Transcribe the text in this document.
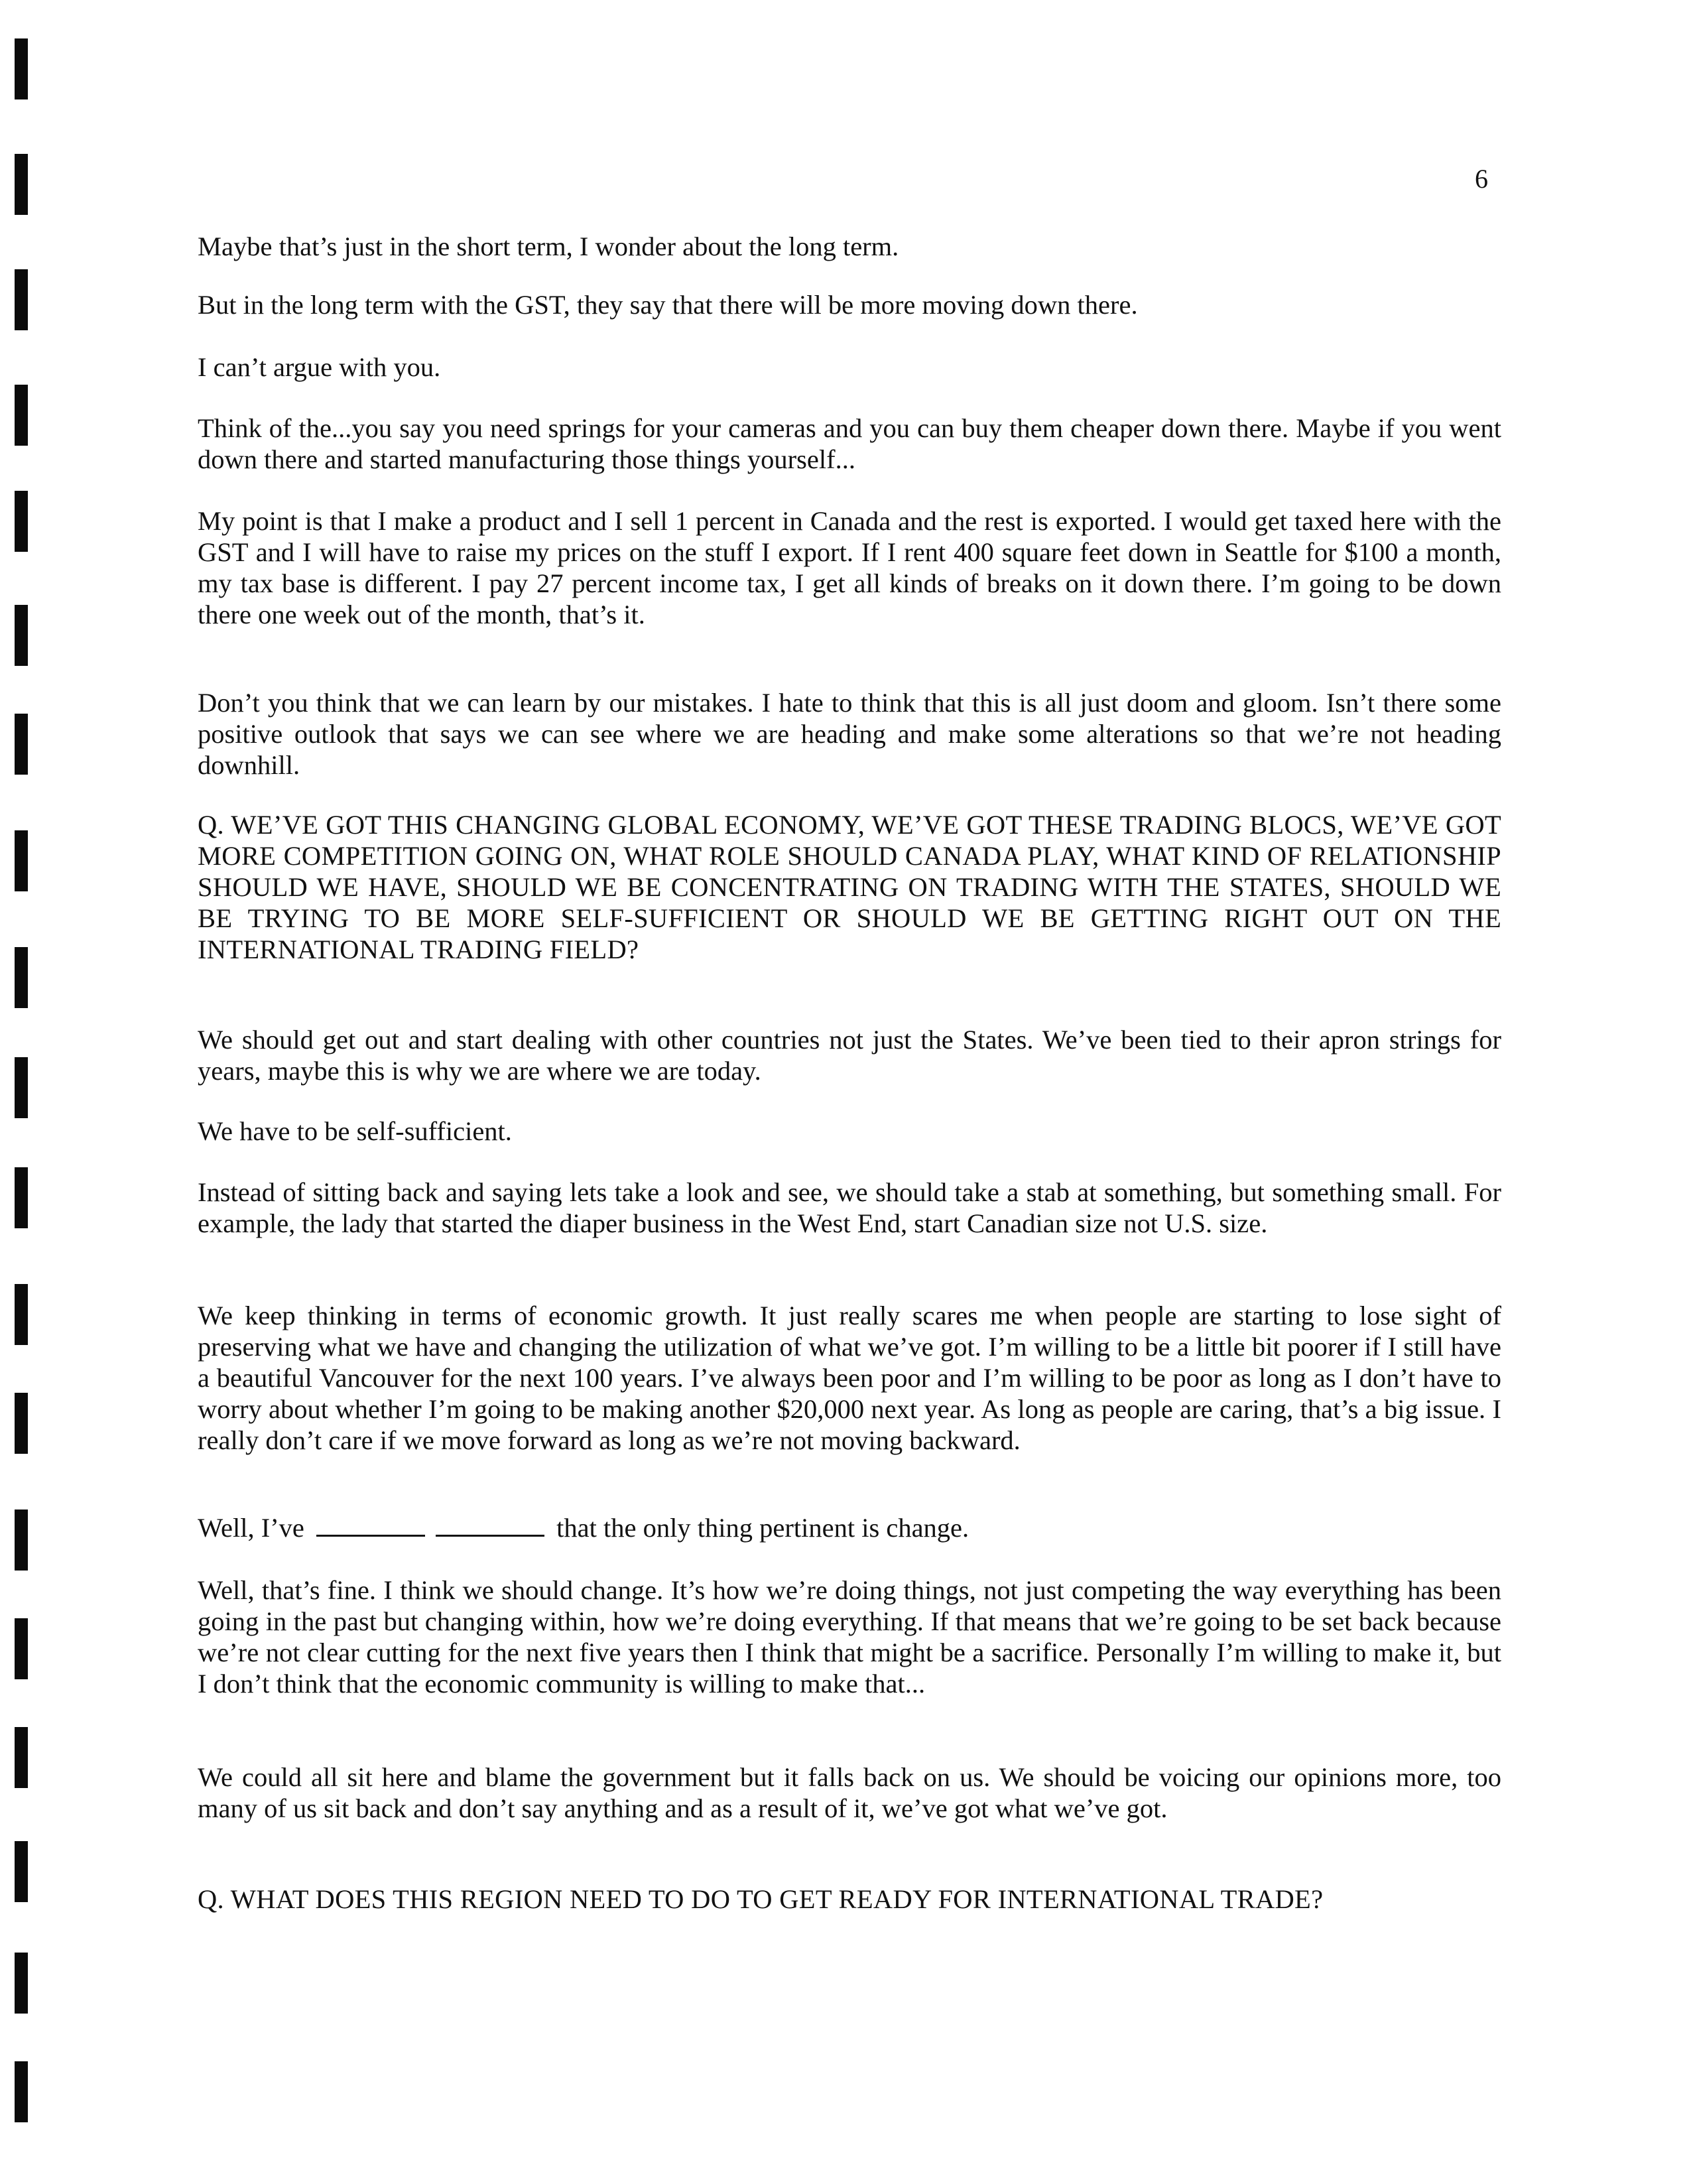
6

Maybe that’s just in the short term, I wonder about the long term.

But in the long term with the GST, they say that there will be more moving down there.

I can’t argue with you.

Think of the...you say you need springs for your cameras and you can buy them cheaper down there. Maybe if you went down there and started manufacturing those things yourself...

My point is that I make a product and I sell 1 percent in Canada and the rest is exported. I would get taxed here with the GST and I will have to raise my prices on the stuff I export. If I rent 400 square feet down in Seattle for $100 a month, my tax base is different. I pay 27 percent income tax, I get all kinds of breaks on it down there. I’m going to be down there one week out of the month, that’s it.

Don’t you think that we can learn by our mistakes. I hate to think that this is all just doom and gloom. Isn’t there some positive outlook that says we can see where we are heading and make some alterations so that we’re not heading downhill.

Q. WE’VE GOT THIS CHANGING GLOBAL ECONOMY, WE’VE GOT THESE TRADING BLOCS, WE’VE GOT MORE COMPETITION GOING ON, WHAT ROLE SHOULD CANADA PLAY, WHAT KIND OF RELATIONSHIP SHOULD WE HAVE, SHOULD WE BE CONCENTRATING ON TRADING WITH THE STATES, SHOULD WE BE TRYING TO BE MORE SELF-SUFFICIENT OR SHOULD WE BE GETTING RIGHT OUT ON THE INTERNATIONAL TRADING FIELD?

We should get out and start dealing with other countries not just the States. We’ve been tied to their apron strings for years, maybe this is why we are where we are today.

We have to be self-sufficient.

Instead of sitting back and saying lets take a look and see, we should take a stab at something, but something small. For example, the lady that started the diaper business in the West End, start Canadian size not U.S. size.

We keep thinking in terms of economic growth. It just really scares me when people are starting to lose sight of preserving what we have and changing the utilization of what we’ve got. I’m willing to be a little bit poorer if I still have a beautiful Vancouver for the next 100 years. I’ve always been poor and I’m willing to be poor as long as I don’t have to worry about whether I’m going to be making another $20,000 next year. As long as people are caring, that’s a big issue. I really don’t care if we move forward as long as we’re not moving backward.

Well, I’ve	that the only thing pertinent is change.

Well, that’s fine. I think we should change. It’s how we’re doing things, not just competing the way everything has been going in the past but changing within, how we’re doing everything. If that means that we’re going to be set back because we’re not clear cutting for the next five years then I think that might be a sacrifice. Personally I’m willing to make it, but I don’t think that the economic community is willing to make that...

We could all sit here and blame the government but it falls back on us. We should be voicing our opinions more, too many of us sit back and don’t say anything and as a result of it, we’ve got what we’ve got.

Q. WHAT DOES THIS REGION NEED TO DO TO GET READY FOR INTERNATIONAL TRADE?
